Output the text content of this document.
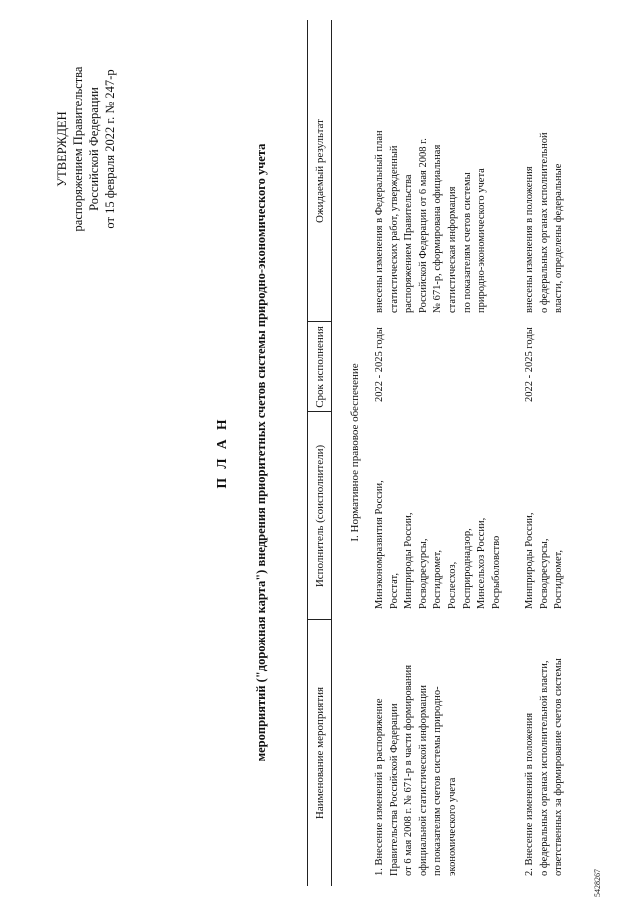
УТВЕРЖДЕН распоряжением Правительства Российской Федерации от 15 февраля 2022 г. № 247-р
П Л А Н мероприятий ("дорожная карта") внедрения приоритетных счетов системы природно-экономического учета	Наименование мероприятия
Исполнитель (соисполнители)
Срок исполнения
Ожидаемый результат
I. Нормативное правовое обеспечение
1. Внесение изменений в распоряжение Правительства Российской Федерации от 6 мая 2008 г. № 671-р в части формирования официальной статистической информации по показателям счетов системы природно- экономического учета
Минэкономразвития России, Росстат, Минприроды России, Росводресурсы, Росгидромет, Рослесхоз, Росприроднадзор, Минсельхоз России, Росрыболовство
2022 - 2025 годы
внесены изменения в Федеральный план статистических работ, утвержденный распоряжением Правительства Российской Федерации от 6 мая 2008 г. № 671-р, сформирована официальная статистическая информация по показателям счетов системы природно-экономического учета
2. Внесение изменений в положения о федеральных органах исполнительной власти, ответственных за формирование счетов системы
Минприроды России, Росводресурсы, Росгидромет,
2022 - 2025 годы
внесены изменения в положения о федеральных органах исполнительной власти, определены федеральные
5428267
